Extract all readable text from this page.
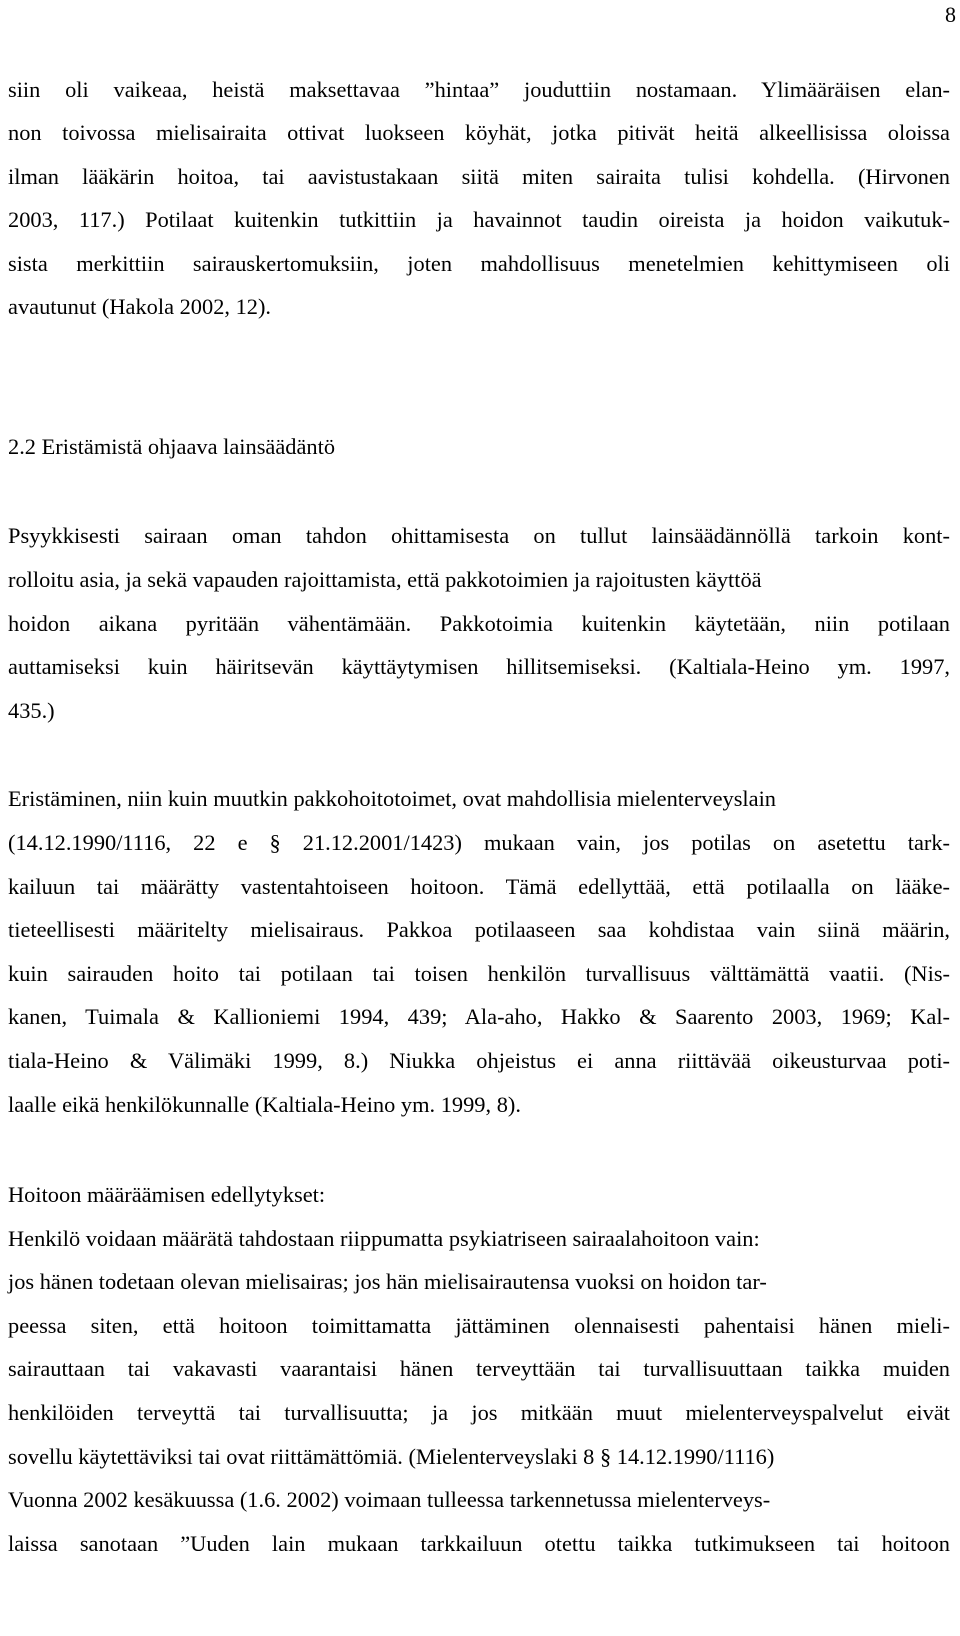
8
siin oli vaikeaa, heistä maksettavaa ”hintaa” jouduttiin nostamaan. Ylimääräisen elan-
non toivossa mielisairaita ottivat luokseen köyhät, jotka pitivät heitä alkeellisissa oloissa
ilman lääkärin hoitoa, tai aavistustakaan siitä miten sairaita tulisi kohdella. (Hirvonen
2003, 117.) Potilaat kuitenkin tutkittiin ja havainnot taudin oireista ja hoidon vaikutuk-
sista merkittiin sairauskertomuksiin, joten mahdollisuus menetelmien kehittymiseen oli
avautunut (Hakola 2002, 12).
2.2 Eristämistä ohjaava lainsäädäntö
Psyykkisesti sairaan oman tahdon ohittamisesta on tullut lainsäädännöllä tarkoin kont-
rolloitu asia, ja sekä vapauden rajoittamista, että pakkotoimien ja rajoitusten käyttöä
hoidon aikana pyritään vähentämään. Pakkotoimia kuitenkin käytetään, niin potilaan
auttamiseksi kuin häiritsevän käyttäytymisen hillitsemiseksi. (Kaltiala-Heino ym. 1997,
435.)
Eristäminen, niin kuin muutkin pakkohoitotoimet, ovat mahdollisia mielenterveyslain
(14.12.1990/1116, 22 e § 21.12.2001/1423) mukaan vain, jos potilas on asetettu tark-
kailuun tai määrätty vastentahtoiseen hoitoon. Tämä edellyttää, että potilaalla on lääke-
tieteellisesti määritelty mielisairaus. Pakkoa potilaaseen saa kohdistaa vain siinä määrin,
kuin sairauden hoito tai potilaan tai toisen henkilön turvallisuus välttämättä vaatii. (Nis-
kanen, Tuimala & Kallioniemi 1994, 439; Ala-aho, Hakko & Saarento 2003, 1969; Kal-
tiala-Heino & Välimäki 1999, 8.) Niukka ohjeistus ei anna riittävää oikeusturvaa poti-
laalle eikä henkilökunnalle (Kaltiala-Heino ym. 1999, 8).
Hoitoon määräämisen edellytykset:
Henkilö voidaan määrätä tahdostaan riippumatta psykiatriseen sairaalahoitoon vain:
jos hänen todetaan olevan mielisairas; jos hän mielisairautensa vuoksi on hoidon tar-
peessa siten, että hoitoon toimittamatta jättäminen olennaisesti pahentaisi hänen mieli-
sairauttaan tai vakavasti vaarantaisi hänen terveyttään tai turvallisuuttaan taikka muiden
henkilöiden terveyttä tai turvallisuutta; ja jos mitkään muut mielenterveyspalvelut eivät
sovellu käytettäviksi tai ovat riittämättömiä. (Mielenterveyslaki 8 § 14.12.1990/1116)
Vuonna 2002 kesäkuussa (1.6. 2002) voimaan tulleessa tarkennetussa mielenterveys-
laissa sanotaan ”Uuden lain mukaan tarkkailuun otettu taikka tutkimukseen tai hoitoon
